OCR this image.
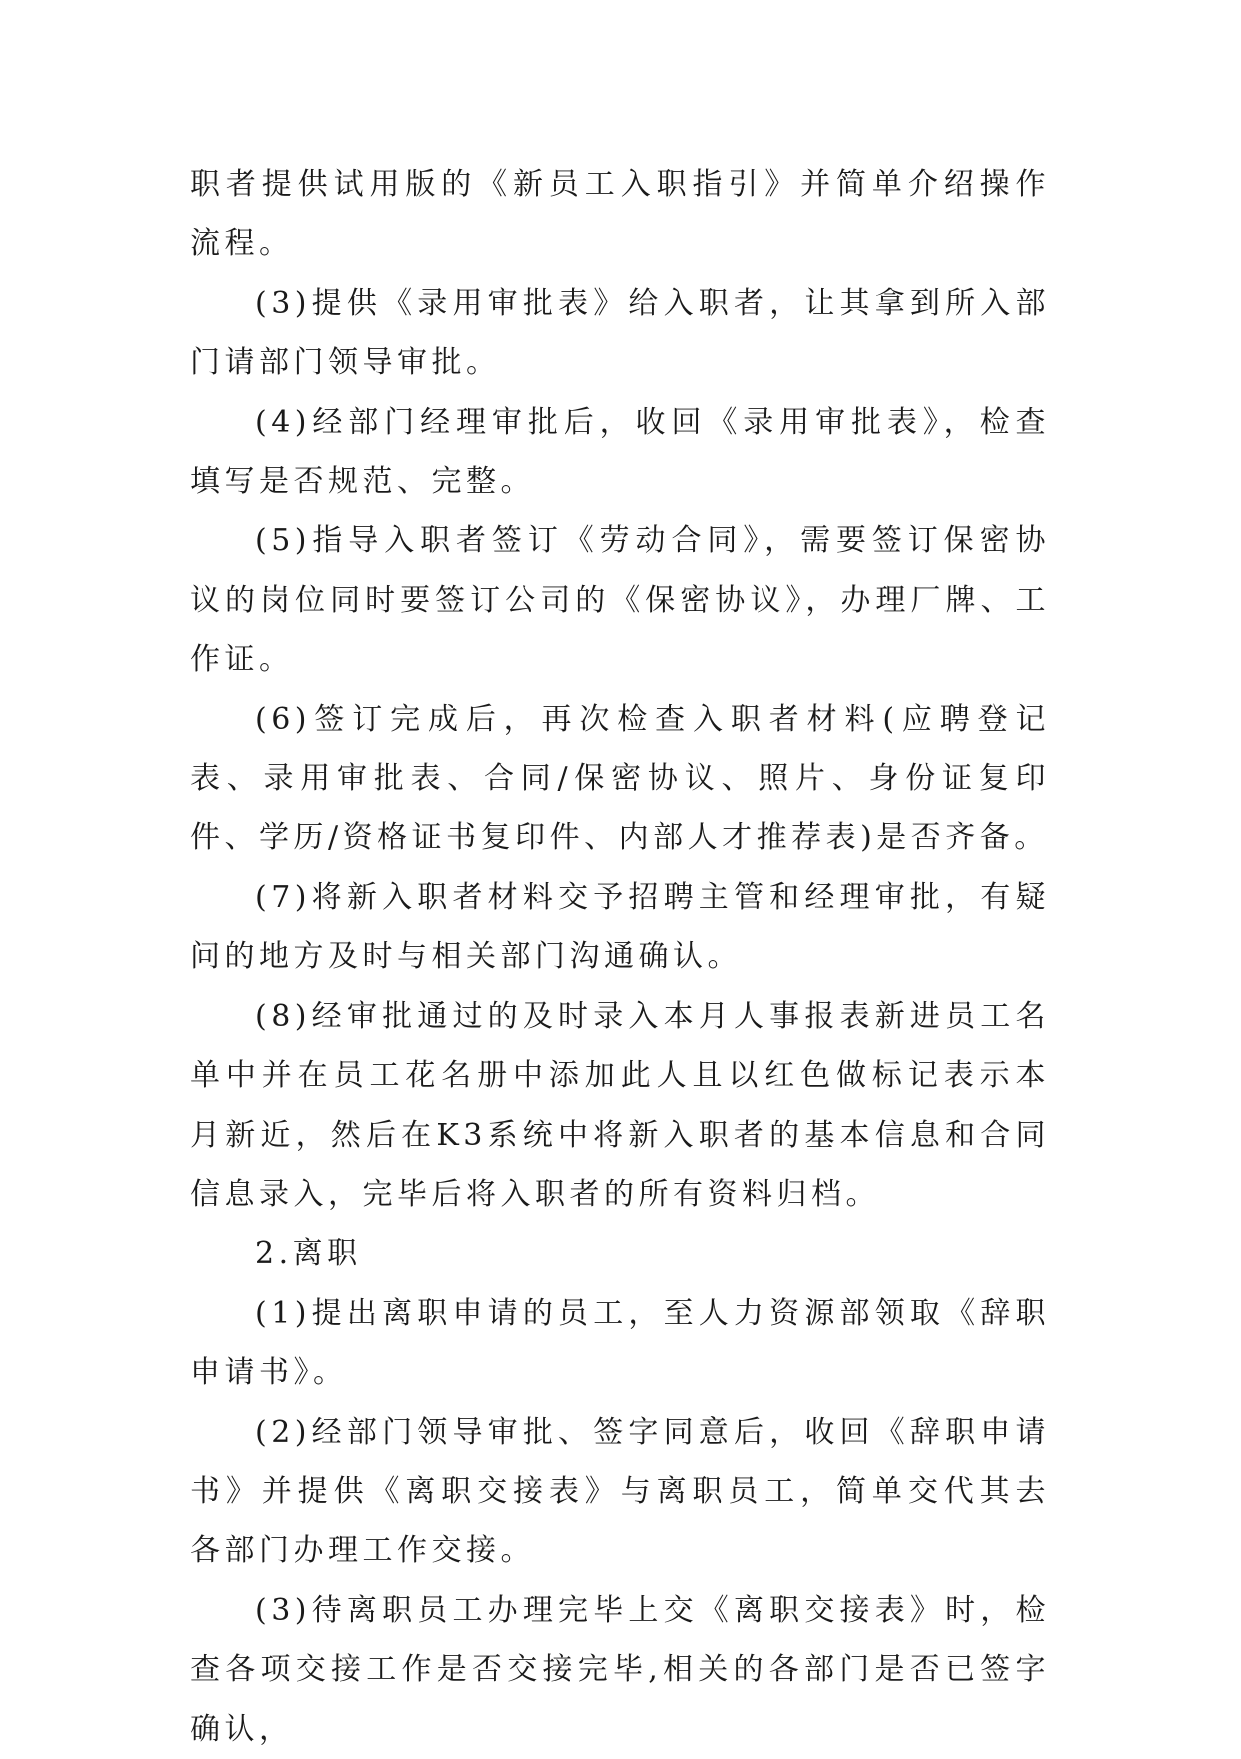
职者提供试用版的《新员工入职指引》并简单介绍操作流程。

(3)提供《录用审批表》给入职者，让其拿到所入部门请部门领导审批。

(4)经部门经理审批后，收回《录用审批表》，检查填写是否规范、完整。

(5)指导入职者签订《劳动合同》，需要签订保密协议的岗位同时要签订公司的《保密协议》，办理厂牌、工作证。

(6)签订完成后，再次检查入职者材料(应聘登记表、录用审批表、合同/保密协议、照片、身份证复印件、学历/资格证书复印件、内部人才推荐表)是否齐备。

(7)将新入职者材料交予招聘主管和经理审批，有疑问的地方及时与相关部门沟通确认。

(8)经审批通过的及时录入本月人事报表新进员工名单中并在员工花名册中添加此人且以红色做标记表示本月新近，然后在K3系统中将新入职者的基本信息和合同信息录入，完毕后将入职者的所有资料归档。

2.离职

(1)提出离职申请的员工，至人力资源部领取《辞职申请书》。

(2)经部门领导审批、签字同意后，收回《辞职申请书》并提供《离职交接表》与离职员工，简单交代其去各部门办理工作交接。

(3)待离职员工办理完毕上交《离职交接表》时，检查各项交接工作是否交接完毕,相关的各部门是否已签字确认，
